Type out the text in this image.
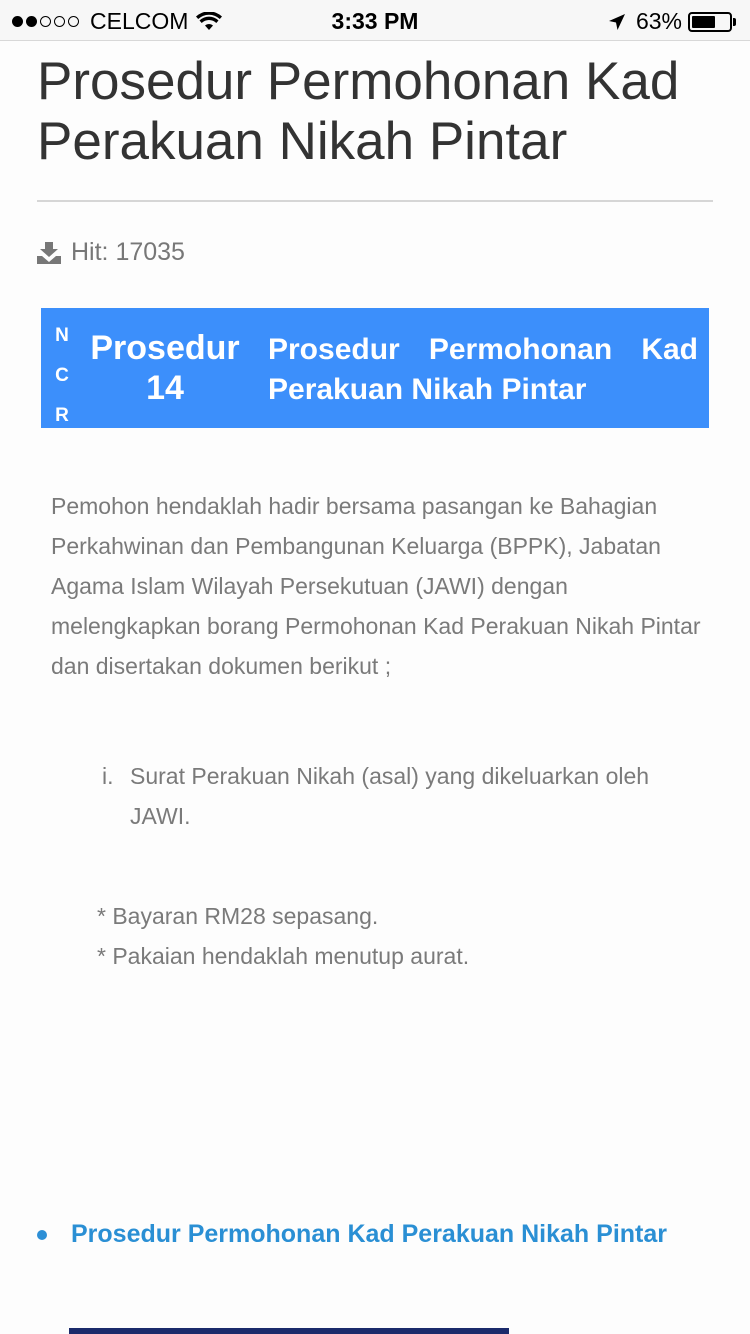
CELCOM	3:33 PM	63%
Prosedur Permohonan Kad Perakuan Nikah Pintar
Hit: 17035
N
C
R
Prosedur
14
Prosedur Permohonan Kad Perakuan Nikah Pintar

Pemohon hendaklah hadir bersama pasangan ke Bahagian Perkahwinan dan Pembangunan Keluarga (BPPK), Jabatan Agama Islam Wilayah Persekutuan (JAWI) dengan melengkapkan borang Permohonan Kad Perakuan Nikah Pintar dan disertakan dokumen berikut ;

i. Surat Perakuan Nikah (asal) yang dikeluarkan oleh JAWI.
* Bayaran RM28 sepasang.
* Pakaian hendaklah menutup aurat.
Prosedur Permohonan Kad Perakuan Nikah Pintar
